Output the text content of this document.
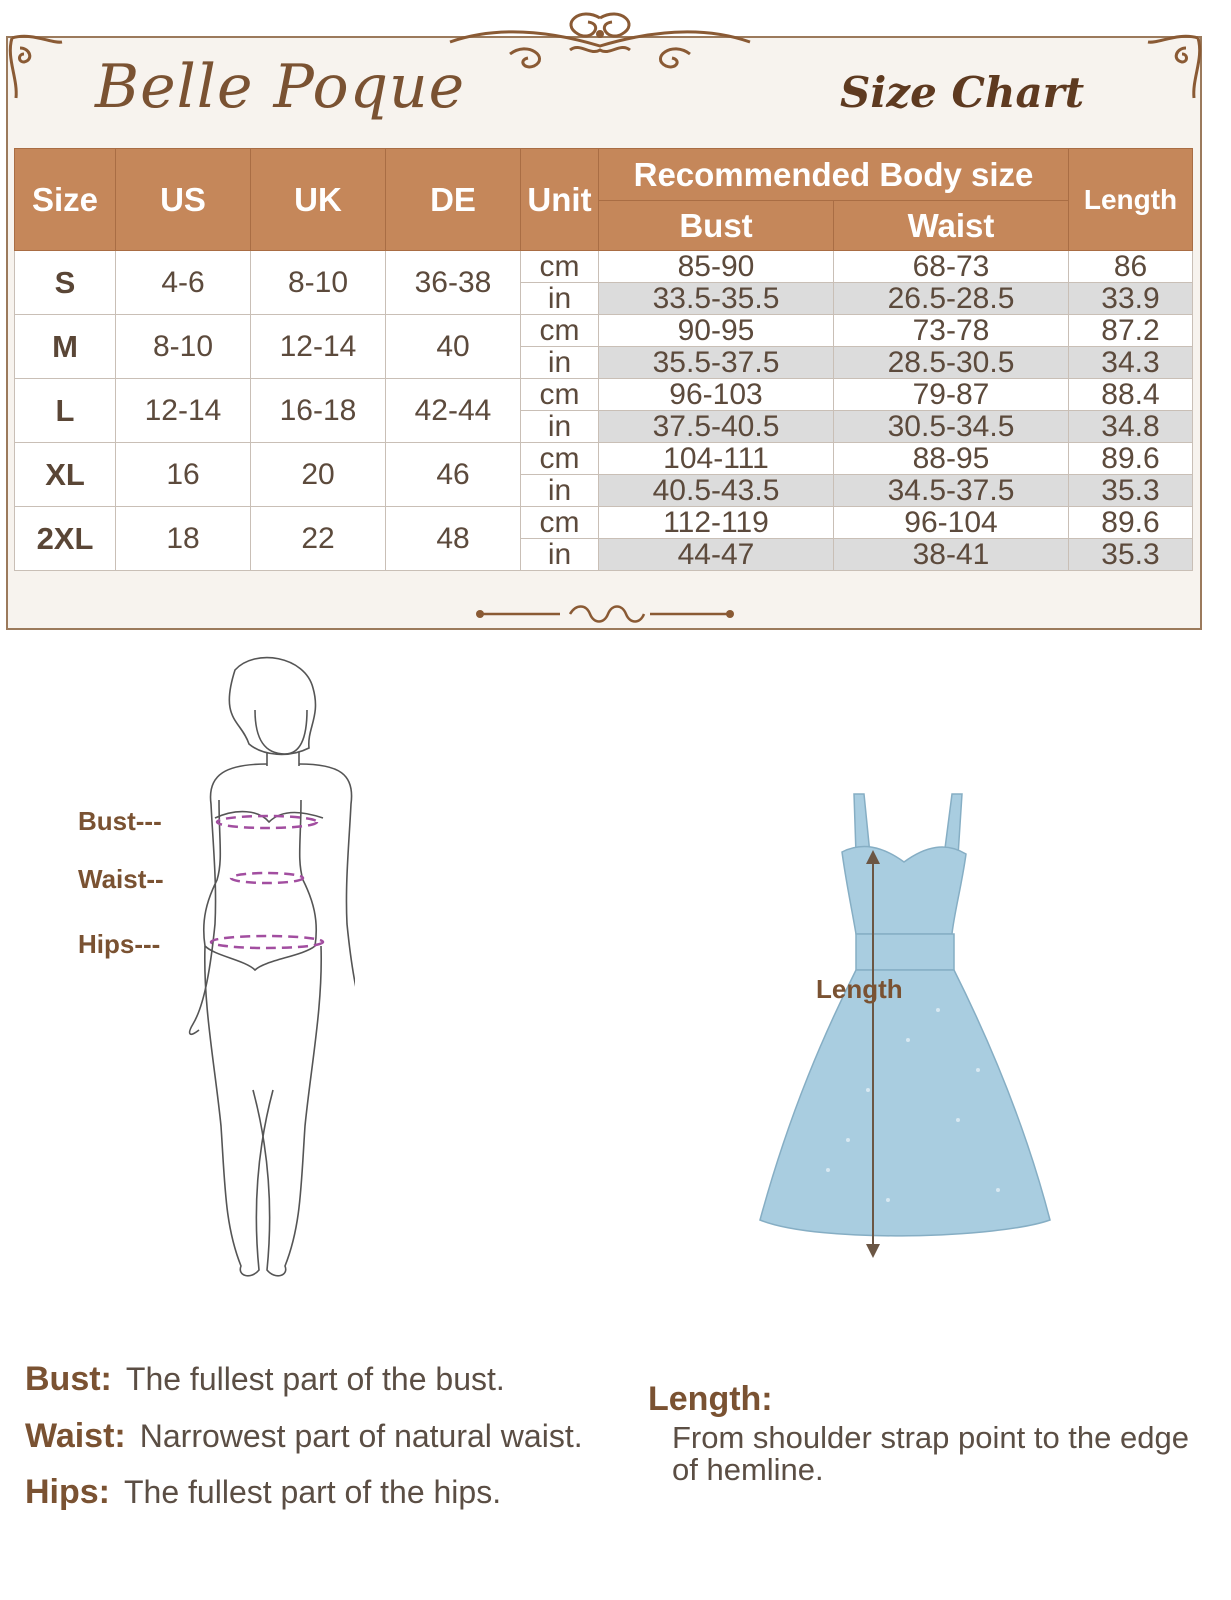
Belle Poque	Size Chart
Size	US	UK	DE	Unit	Recommended Body size		Length
					Bust	Waist	
S	4-6	8-10	36-38	cm	85-90	68-73	86
				in	33.5-35.5	26.5-28.5	33.9
M	8-10	12-14	40	cm	90-95	73-78	87.2
				in	35.5-37.5	28.5-30.5	34.3
L	12-14	16-18	42-44	cm	96-103	79-87	88.4
				in	37.5-40.5	30.5-34.5	34.8
XL	16	20	46	cm	104-111	88-95	89.6
				in	40.5-43.5	34.5-37.5	35.3
2XL	18	22	48	cm	112-119	96-104	89.6
				in	44-47	38-41	35.3
Bust---
Waist--
Hips---
Length
Bust: The fullest part of the bust.
Waist: Narrowest part of natural waist.
Hips: The fullest part of the hips.
Length:
From shoulder strap point to the edge of hemline.
